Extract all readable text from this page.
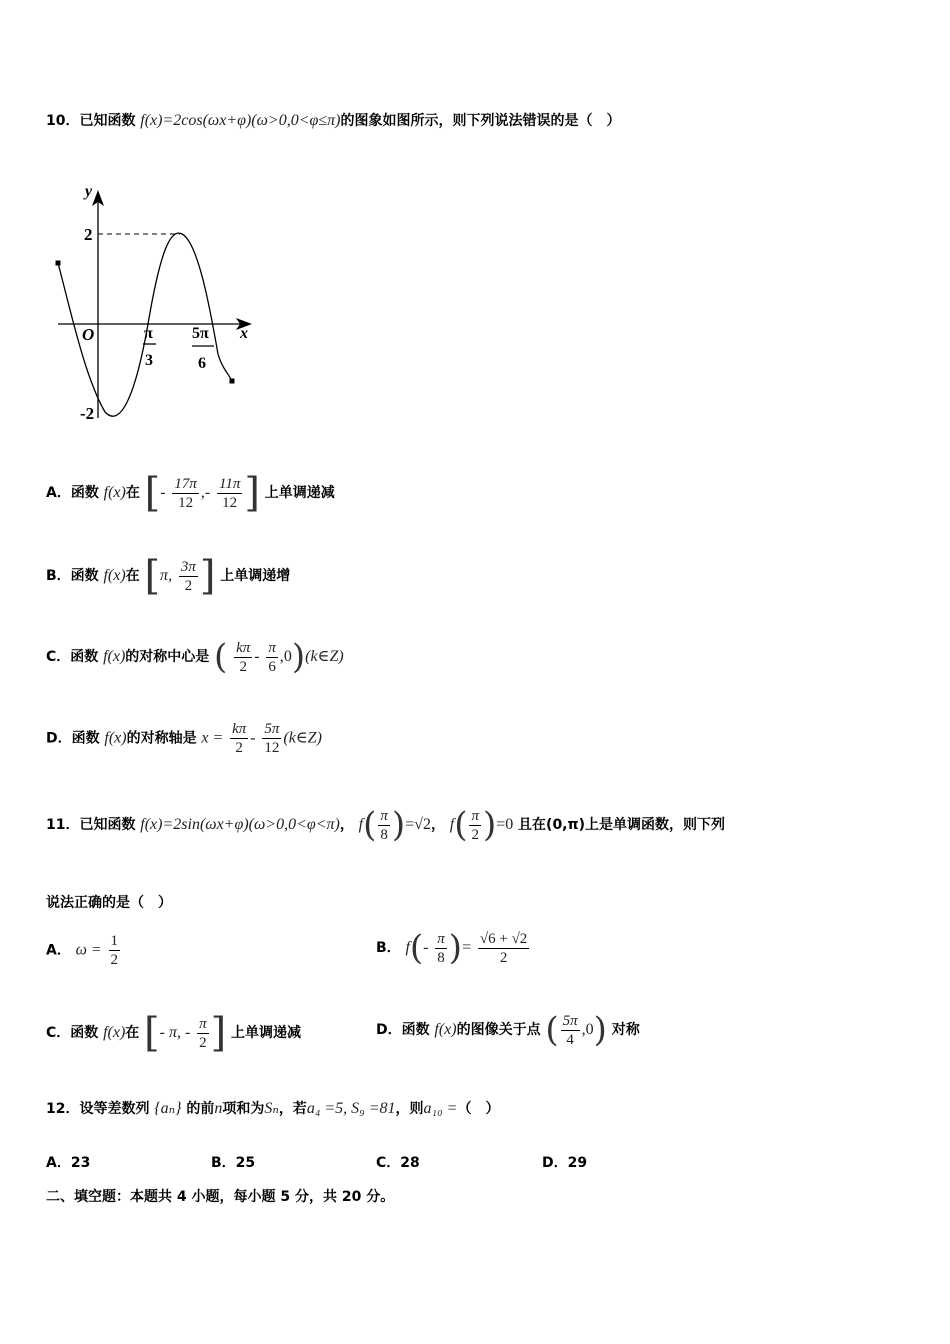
10．已知函数 f(x)=2cos(ωx+φ)(ω>0,0<φ≤π)的图象如图所示，则下列说法错误的是（　）
y
x
O
2
-2
π
3
5π
6
A．函数 f(x)在 [- $\frac{17\pi}{12}$ ,- $\frac{11\pi}{12}$ ] 上单调递减
B．函数 f(x)在 [π, $\frac{3\pi}{2}$ ] 上单调递增
C．函数 f(x)的对称中心是 ( $\frac{k\pi}{2} - \frac{\pi}{6}$ ,0)(k∈Z)
D．函数 f(x)的对称轴是 $x = \frac{k\pi}{2} - \frac{5\pi}{12}$ (k∈Z)
11．已知函数 f(x)=2sin(ωx+φ)(ω>0,0<φ<π)， $f( \frac{\pi}{8} )=√2$， $f( \frac{\pi}{2} )=0$ 且在(0,π)上是单调函数，则下列
说法正确的是（　）
A． $\omega = \frac{1}{2}$	B． $f(- \frac{\pi}{8}$ )= $\frac{√6 + √2}{2}$
C．函数 f(x)在 [- π, - $\frac{\pi}{2}$ ] 上单调递减	D．函数 f(x)的图像关于点 ( $\frac{5\pi}{4} ,0$) 对称
12．设等差数列 {aₙ} 的前n项和为Sₙ，若a₄ =5, S₉ =81，则a₁₀ =（　）
A．23	B．25	C．28	D．29
二、填空题：本题共 4 小题，每小题 5 分，共 20 分。
